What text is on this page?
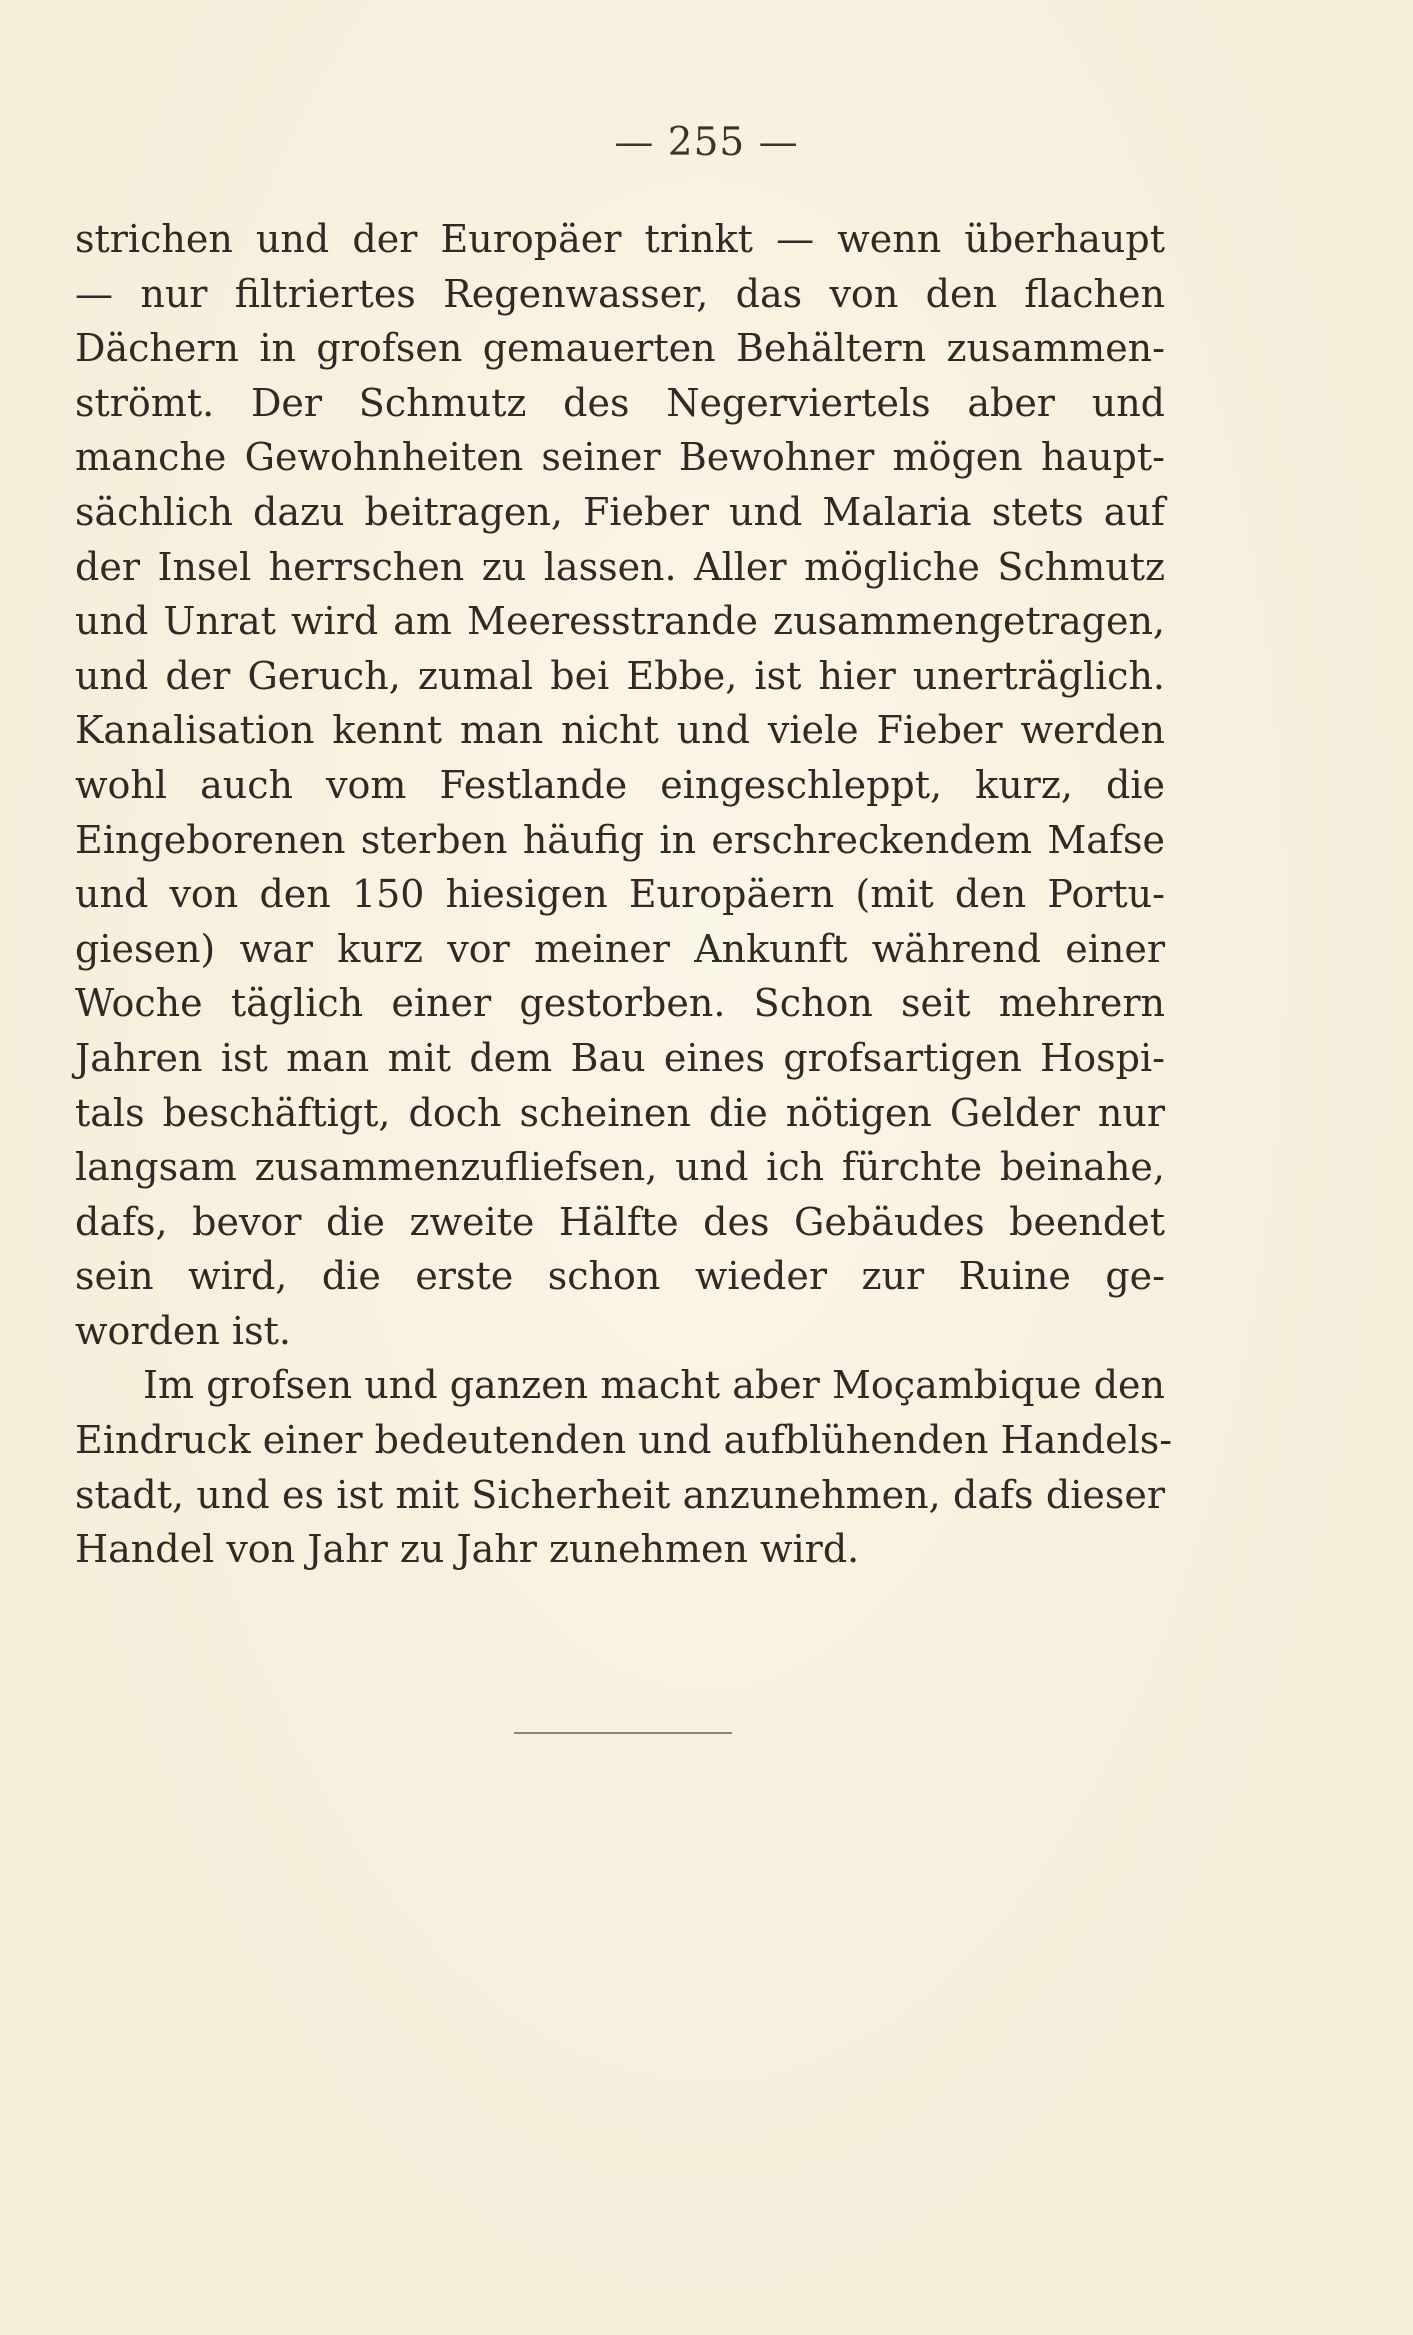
— 255 —
strichen und der Europäer trinkt — wenn überhaupt
— nur filtriertes Regenwasser, das von den flachen
Dächern in grofsen gemauerten Behältern zusammen-
strömt. Der Schmutz des Negerviertels aber und
manche Gewohnheiten seiner Bewohner mögen haupt-
sächlich dazu beitragen, Fieber und Malaria stets auf
der Insel herrschen zu lassen. Aller mögliche Schmutz
und Unrat wird am Meeresstrande zusammengetragen,
und der Geruch, zumal bei Ebbe, ist hier unerträglich.
Kanalisation kennt man nicht und viele Fieber werden
wohl auch vom Festlande eingeschleppt, kurz, die
Eingeborenen sterben häufig in erschreckendem Mafse
und von den 150 hiesigen Europäern (mit den Portu-
giesen) war kurz vor meiner Ankunft während einer
Woche täglich einer gestorben. Schon seit mehrern
Jahren ist man mit dem Bau eines grofsartigen Hospi-
tals beschäftigt, doch scheinen die nötigen Gelder nur
langsam zusammenzufliefsen, und ich fürchte beinahe,
dafs, bevor die zweite Hälfte des Gebäudes beendet
sein wird, die erste schon wieder zur Ruine ge-
worden ist.
Im grofsen und ganzen macht aber Moçambique den
Eindruck einer bedeutenden und aufblühenden Handels-
stadt, und es ist mit Sicherheit anzunehmen, dafs dieser
Handel von Jahr zu Jahr zunehmen wird.
